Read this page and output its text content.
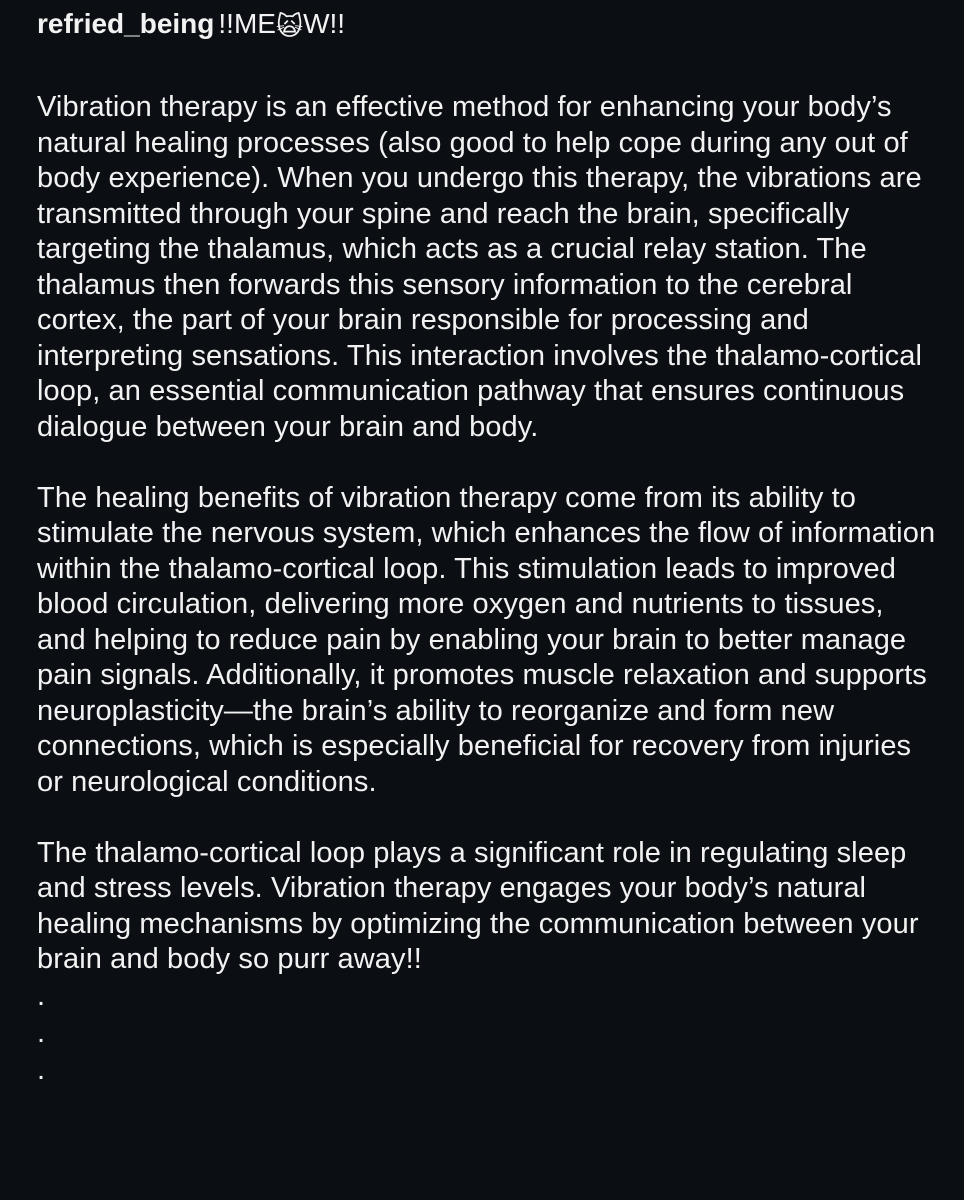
refried_being !!ME🙀W!!

Vibration therapy is an effective method for enhancing your body’s natural healing processes (also good to help cope during any out of body experience). When you undergo this therapy, the vibrations are transmitted through your spine and reach the brain, specifically targeting the thalamus, which acts as a crucial relay station. The thalamus then forwards this sensory information to the cerebral cortex, the part of your brain responsible for processing and interpreting sensations. This interaction involves the thalamo-cortical loop, an essential communication pathway that ensures continuous dialogue between your brain and body.

The healing benefits of vibration therapy come from its ability to stimulate the nervous system, which enhances the flow of information within the thalamo-cortical loop. This stimulation leads to improved blood circulation, delivering more oxygen and nutrients to tissues, and helping to reduce pain by enabling your brain to better manage pain signals. Additionally, it promotes muscle relaxation and supports neuroplasticity—the brain’s ability to reorganize and form new connections, which is especially beneficial for recovery from injuries or neurological conditions.

The thalamo-cortical loop plays a significant role in regulating sleep and stress levels. Vibration therapy engages your body’s natural healing mechanisms by optimizing the communication between your brain and body so purr away!!

.
.
.
